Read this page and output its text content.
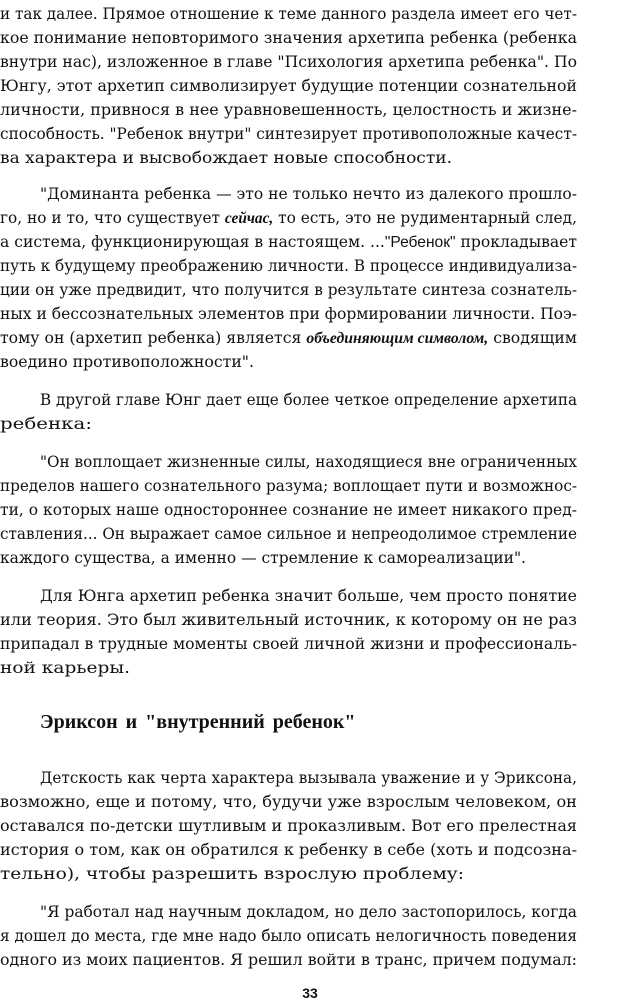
и так далее. Прямое отношение к теме данного раздела имеет его чет-
кое понимание неповторимого значения архетипа ребенка (ребенка
внутри нас), изложенное в главе "Психология архетипа ребенка". По
Юнгу, этот архетип символизирует будущие потенции сознательной
личности, привнося в нее уравновешенность, целостность и жизне-
способность. "Ребенок внутри" синтезирует противоположные качест-
ва характера и высвобождает новые способности.
"Доминанта ребенка — это не только нечто из далекого прошло-
го, но и то, что существует сейчас, то есть, это не рудиментарный след,
а система, функционирующая в настоящем. ..."Ребенок" прокладывает
путь к будущему преображению личности. В процессе индивидуализа-
ции он уже предвидит, что получится в результате синтеза сознатель-
ных и бессознательных элементов при формировании личности. Поэ-
тому он (архетип ребенка) является объединяющим символом, сводящим
воедино противоположности".
В другой главе Юнг дает еще более четкое определение архетипа
ребенка:
"Он воплощает жизненные силы, находящиеся вне ограниченных
пределов нашего сознательного разума; воплощает пути и возможнос-
ти, о которых наше одностороннее сознание не имеет никакого пред-
ставления... Он выражает самое сильное и непреодолимое стремление
каждого существа, а именно — стремление к самореализации".
Для Юнга архетип ребенка значит больше, чем просто понятие
или теория. Это был живительный источник, к которому он не раз
припадал в трудные моменты своей личной жизни и профессиональ-
ной карьеры.
Детскость как черта характера вызывала уважение и у Эриксона,
возможно, еще и потому, что, будучи уже взрослым человеком, он
оставался по-детски шутливым и проказливым. Вот его прелестная
история о том, как он обратился к ребенку в себе (хоть и подсозна-
тельно), чтобы разрешить взрослую проблему:
"Я работал над научным докладом, но дело застопорилось, когда
я дошел до места, где мне надо было описать нелогичность поведения
одного из моих пациентов. Я решил войти в транс, причем подумал:
Эриксон и "внутренний ребенок"
33
